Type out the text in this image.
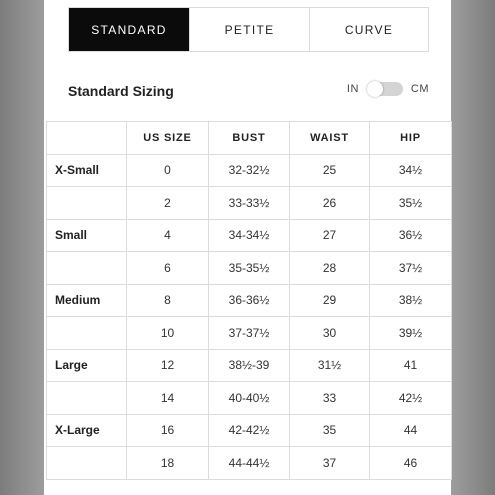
STANDARD	PETITE	CURVE
Standard Sizing	IN	CM
	US SIZE	BUST	WAIST	HIP
X-Small	0	32-32½	25	34½
	2	33-33½	26	35½
Small	4	34-34½	27	36½
	6	35-35½	28	37½
Medium	8	36-36½	29	38½
	10	37-37½	30	39½
Large	12	38½-39	31½	41
	14	40-40½	33	42½
X-Large	16	42-42½	35	44
	18	44-44½	37	46
